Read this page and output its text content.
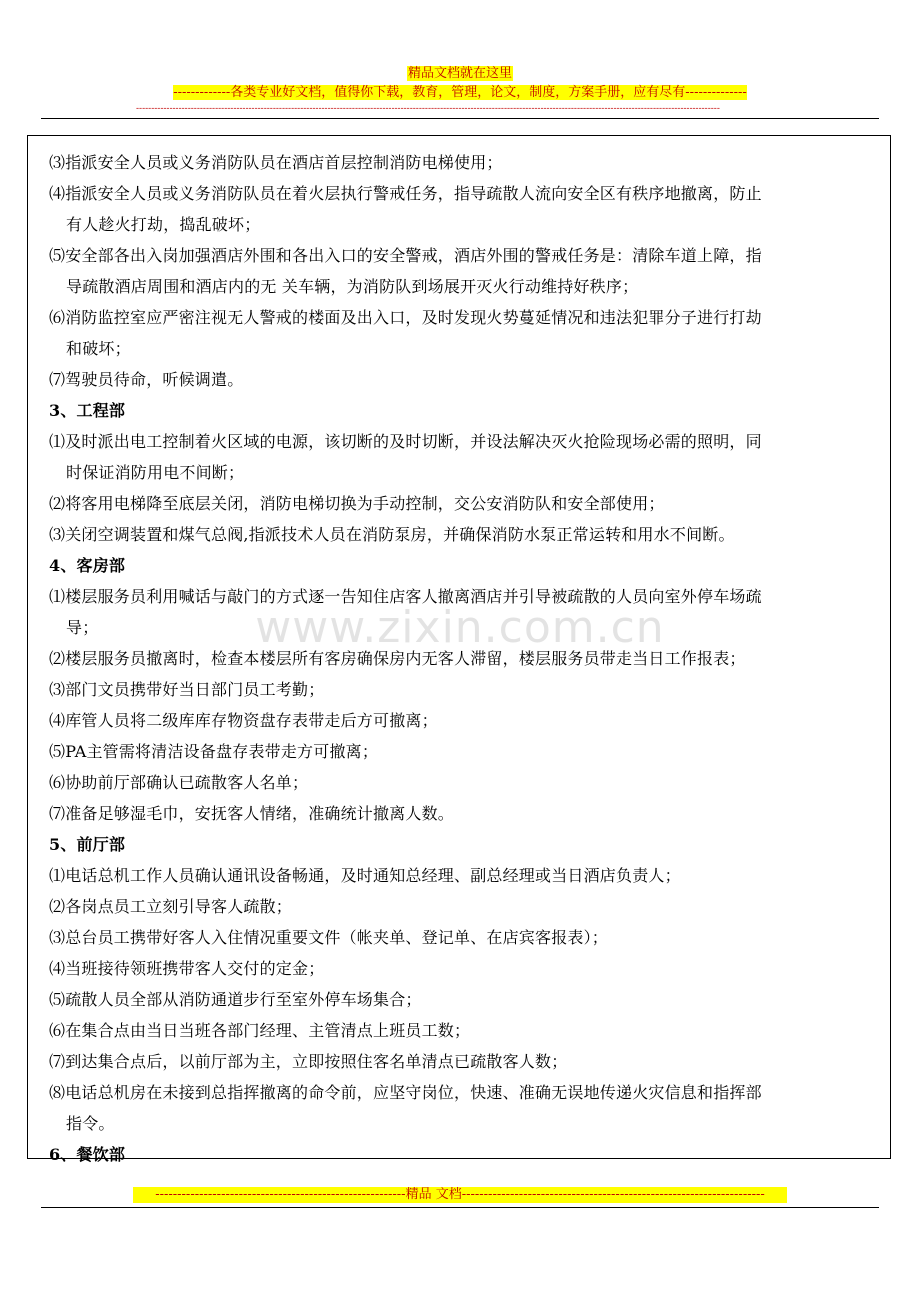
精品文档就在这里
-------------各类专业好文档，值得你下载，教育，管理，论文，制度，方案手册，应有尽有--------------
------------------------------------------------------------------------------------------------------------------------------------------------------------------------------------------------
⑶指派安全人员或义务消防队员在酒店首层控制消防电梯使用；
⑷指派安全人员或义务消防队员在着火层执行警戒任务，指导疏散人流向安全区有秩序地撤离，防止
有人趁火打劫，捣乱破坏；
⑸安全部各出入岗加强酒店外围和各出入口的安全警戒，酒店外围的警戒任务是：清除车道上障，指
导疏散酒店周围和酒店内的无 关车辆，为消防队到场展开灭火行动维持好秩序；
⑹消防监控室应严密注视无人警戒的楼面及出入口，及时发现火势蔓延情况和违法犯罪分子进行打劫
和破坏；
⑺驾驶员待命，听候调遣。
3、工程部
⑴及时派出电工控制着火区域的电源，该切断的及时切断，并设法解决灭火抢险现场必需的照明，同
时保证消防用电不间断；
⑵将客用电梯降至底层关闭，消防电梯切换为手动控制，交公安消防队和安全部使用；
⑶关闭空调装置和煤气总阀,指派技术人员在消防泵房，并确保消防水泵正常运转和用水不间断。
4、客房部
⑴楼层服务员利用喊话与敲门的方式逐一告知住店客人撤离酒店并引导被疏散的人员向室外停车场疏
导；
⑵楼层服务员撤离时，检查本楼层所有客房确保房内无客人滞留，楼层服务员带走当日工作报表；
⑶部门文员携带好当日部门员工考勤；
⑷库管人员将二级库库存物资盘存表带走后方可撤离；
⑸PA主管需将清洁设备盘存表带走方可撤离；
⑹协助前厅部确认已疏散客人名单；
⑺准备足够湿毛巾，安抚客人情绪，准确统计撤离人数。
5、前厅部
⑴电话总机工作人员确认通讯设备畅通，及时通知总经理、副总经理或当日酒店负责人；
⑵各岗点员工立刻引导客人疏散；
⑶总台员工携带好客人入住情况重要文件（帐夹单、登记单、在店宾客报表）；
⑷当班接待领班携带客人交付的定金；
⑸疏散人员全部从消防通道步行至室外停车场集合；
⑹在集合点由当日当班各部门经理、主管清点上班员工数；
⑺到达集合点后，以前厅部为主，立即按照住客名单清点已疏散客人数；
⑻电话总机房在未接到总指挥撤离的命令前，应坚守岗位，快速、准确无误地传递火灾信息和指挥部
指令。
6、餐饮部
www.zixin.com.cn
---------------------------------------------------------精品 文档---------------------------------------------------------------------
